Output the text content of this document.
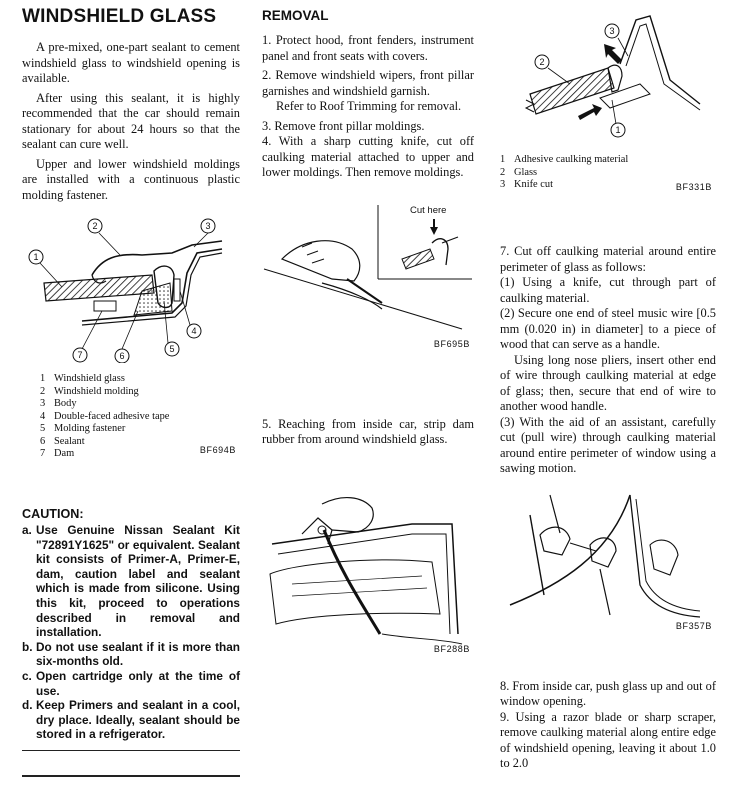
WINDSHIELD GLASS

A pre-mixed, one-part sealant to cement windshield glass to windshield opening is available.

After using this sealant, it is highly recommended that the car should remain stationary for about 24 hours so that the sealant can cure well.

Upper and lower windshield moldings are installed with a continuous plastic molding fastener.

1
2	3
4
5
6
7
1 Windshield glass
2 Windshield molding
3 Body
4 Double-faced adhesive tape
5 Molding fastener
6 Sealant
7 Dam	BF694B
CAUTION:
a. Use Genuine Nissan Sealant Kit "72891Y1625" or equivalent. Sealant kit consists of Primer-A, Primer-E, dam, caution label and sealant which is made from silicone. Using this kit, proceed to operations described in removal and installation.
b. Do not use sealant if it is more than six-months old.
c. Open cartridge only at the time of use.
d. Keep Primers and sealant in a cool, dry place. Ideally, sealant should be stored in a refrigerator.
REMOVAL

1. Protect hood, front fenders, instrument panel and front seats with covers.

2. Remove windshield wipers, front pillar garnishes and windshield garnish.

Refer to Roof Trimming for removal.

3. Remove front pillar moldings.

4. With a sharp cutting knife, cut off caulking material attached to upper and lower moldings. Then remove moldings.

Cut here
BF695B

5. Reaching from inside car, strip dam rubber from around windshield glass.

BF288B
1
2
3
1 Adhesive caulking material
2 Glass
3 Knife cut	BF331B

7. Cut off caulking material around entire perimeter of glass as follows:

(1) Using a knife, cut through part of caulking material.

(2) Secure one end of steel music wire [0.5 mm (0.020 in) in diameter] to a piece of wood that can serve as a handle.

Using long nose pliers, insert other end of wire through caulking material at edge of glass; then, secure that end of wire to another wood handle.

(3) With the aid of an assistant, carefully cut (pull wire) through caulking material around entire perimeter of window using a sawing motion.

BF357B

8. From inside car, push glass up and out of window opening.

9. Using a razor blade or sharp scraper, remove caulking material along entire edge of windshield opening, leaving it about 1.0 to 2.0
